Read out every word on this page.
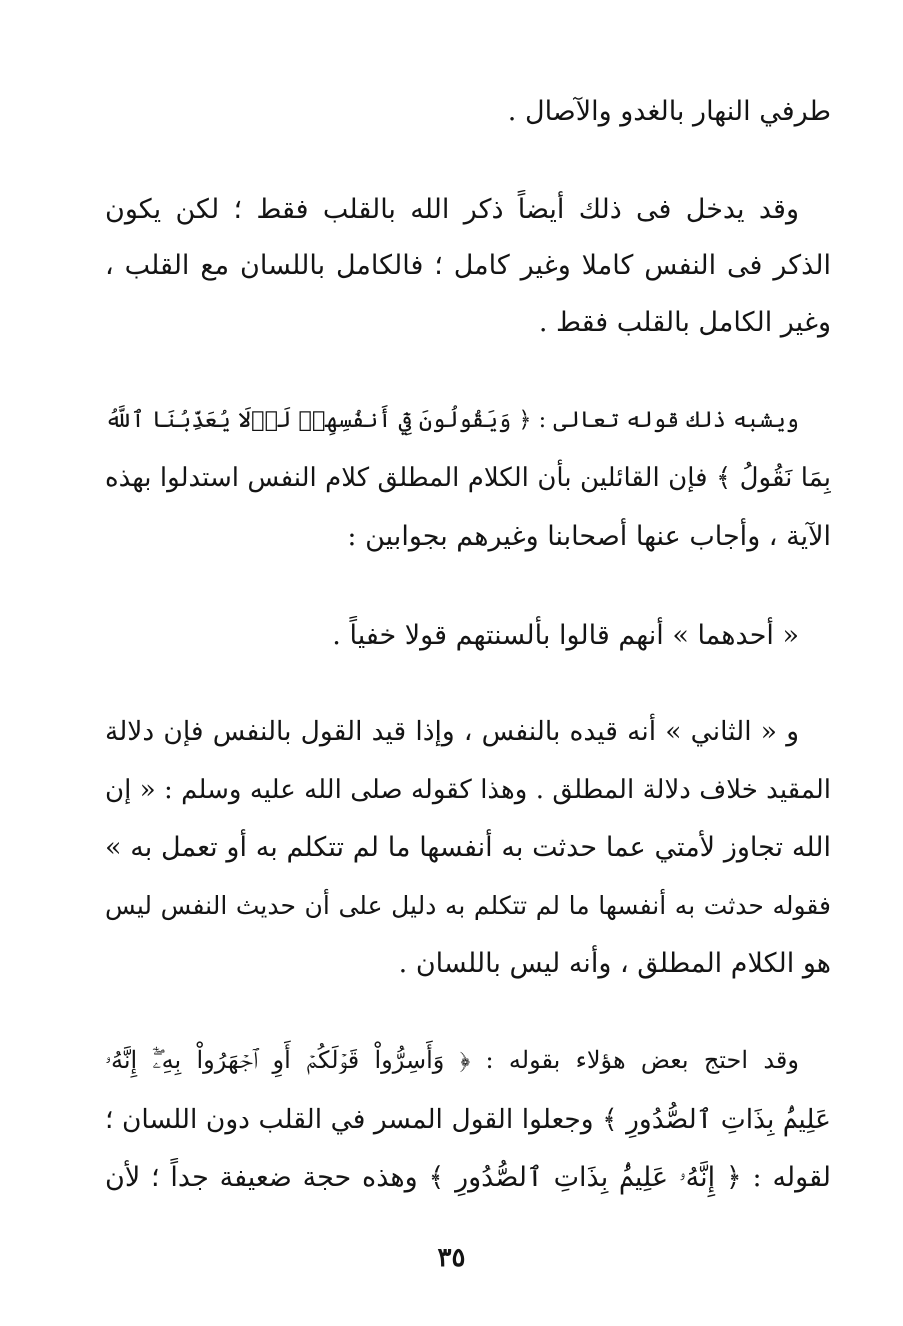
طرفي النهار بالغدو والآصال .
وقد يدخل فى ذلك أيضاً ذكر الله بالقلب فقط ؛ لكن يكون
الذكر فى النفس كاملا وغير كامل ؛ فالكامل باللسان مع القلب ،
وغير الكامل بالقلب فقط .
ويشبه ذلك قوله تعالى : ﴿ وَيَقُولُونَ فِيٓ أَنفُسِهِمۡ لَوۡلَا يُعَذِّبُنَا ٱللَّهُ
بِمَا نَقُولُ ﴾ فإن القائلين بأن الكلام المطلق كلام النفس استدلوا بهذه
الآية ، وأجاب عنها أصحابنا وغيرهم بجوابين :
« أحدهما » أنهم قالوا بألسنتهم قولا خفياً .
و « الثاني » أنه قيده بالنفس ، وإذا قيد القول بالنفس فإن دلالة
المقيد خلاف دلالة المطلق . وهذا كقوله صلى الله عليه وسلم : « إن
الله تجاوز لأمتي عما حدثت به أنفسها ما لم تتكلم به أو تعمل به »
فقوله حدثت به أنفسها ما لم تتكلم به دليل على أن حديث النفس ليس
هو الكلام المطلق ، وأنه ليس باللسان .
وقد احتج بعض هؤلاء بقوله : ﴿ وَأَسِرُّواْ قَوۡلَكُمۡ أَوِ ٱجۡهَرُواْ بِهِۦٓۖ إِنَّهُۥ
عَلِيمُۢ بِذَاتِ ٱلصُّدُورِ ﴾ وجعلوا القول المسر في القلب دون اللسان ؛
لقوله : ﴿ إِنَّهُۥ عَلِيمُۢ بِذَاتِ ٱلصُّدُورِ ﴾ وهذه حجة ضعيفة جداً ؛ لأن
٣٥
